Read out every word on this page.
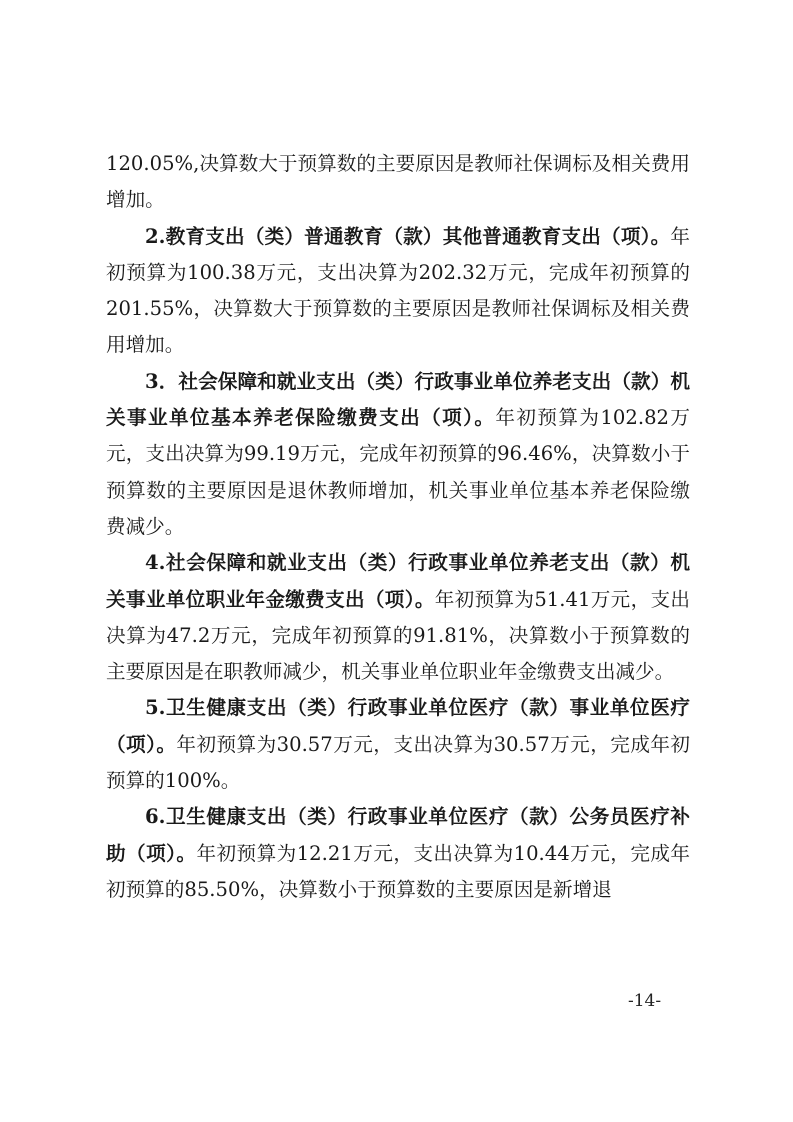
120.05%,决算数大于预算数的主要原因是教师社保调标及相关费用增加。

2.教育支出（类）普通教育（款）其他普通教育支出（项）。年初预算为100.38万元，支出决算为202.32万元，完成年初预算的201.55%，决算数大于预算数的主要原因是教师社保调标及相关费用增加。

3．社会保障和就业支出（类）行政事业单位养老支出（款）机关事业单位基本养老保险缴费支出（项）。年初预算为102.82万元，支出决算为99.19万元，完成年初预算的96.46%，决算数小于预算数的主要原因是退休教师增加，机关事业单位基本养老保险缴费减少。

4.社会保障和就业支出（类）行政事业单位养老支出（款）机关事业单位职业年金缴费支出（项）。年初预算为51.41万元，支出决算为47.2万元，完成年初预算的91.81%，决算数小于预算数的主要原因是在职教师减少，机关事业单位职业年金缴费支出减少。

5.卫生健康支出（类）行政事业单位医疗（款）事业单位医疗（项）。年初预算为30.57万元，支出决算为30.57万元，完成年初预算的100%。

6.卫生健康支出（类）行政事业单位医疗（款）公务员医疗补助（项）。年初预算为12.21万元，支出决算为10.44万元，完成年初预算的85.50%，决算数小于预算数的主要原因是新增退

-14-
